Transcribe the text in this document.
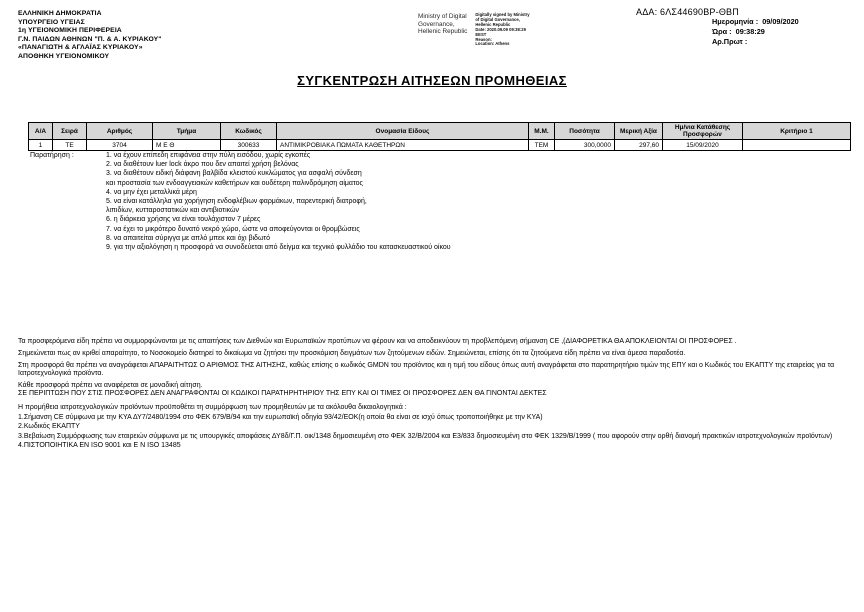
ΕΛΛΗΝΙΚΗ ΔΗΜΟΚΡΑΤΙΑ
ΥΠΟΥΡΓΕΙΟ ΥΓΕΙΑΣ
1η ΥΓΕΙΟΝΟΜΙΚΗ ΠΕΡΙΦΕΡΕΙΑ
Γ.Ν. ΠΑΙΔΩΝ ΑΘΗΝΩΝ "Π. & Α. ΚΥΡΙΑΚΟΥ"
«ΠΑΝΑΓΙΩΤΗ & ΑΓΛΑΪΑΣ ΚΥΡΙΑΚΟΥ»
ΑΠΟΘΗΚΗ ΥΓΕΙΟΝΟΜΙΚΟΥ
Ministry of Digital
Governance,
Hellenic Republic
Digitally signed by Ministry
of Digital Governance,
Hellenic Republic
Date: 2020.09.09 09:38:29
EEST
Reason:
Location: Athens
ΑΔΑ: 6ΛΣ44690ΒΡ-ΘΒΠ
Ημερομηνία : 09/09/2020
Ώρα : 09:38:29
Αρ.Πρωτ :
ΣΥΓΚΕΝΤΡΩΣΗ ΑΙΤΗΣΕΩΝ ΠΡΟΜΗΘΕΙΑΣ
Α/Α	Σειρά	Αριθμός	Τμήμα	Κωδικός	Ονομασία Είδους	Μ.Μ.	Ποσότητα	Μερική Αξία	Ημ/νια Κατάθεσης Προσφορών	Κριτήριο 1
1	ΤΕ	3704	Μ Ε Θ	300633	ΑΝΤΙΜΙΚΡΟΒΙΑΚΑ ΠΩΜΑΤΑ ΚΑΘΕΤΗΡΩΝ	ΤΕΜ	300,0000	297,60	15/09/2020	
Παρατήρηση :	1. να έχουν επίπεδη επιφάνεια στην πύλη εισόδου, χωρίς εγκοπές
2. να διαθέτουν luer lock άκρο που δεν απαιτεί χρήση βελόνας
3. να διαθέτουν ειδική διάφανη βαλβίδα κλειστού κυκλώματος για ασφαλή σύνδεση
και προστασία των ενδοαγγειακών καθετήρων και ουδέτερη παλινδρόμηση αίματος
4. να μην έχει μεταλλικά μέρη
5. να είναι κατάλληλα για χορήγηση ενδοφλέβιων φαρμάκων, παρεντερική διατροφή,
λιπιδίων, κυτταροστατικών και αντιβιοτικών
6. η διάρκεια χρήσης να είναι τουλάχιστον 7 μέρες
7. να έχει το μικρότερο δυνατό νεκρό χώρο, ώστε να αποφεύγονται οι θρομβώσεις
8. να απαιτείται σύριγγα με απλό μπεκ και όχι βιδωτό
9. για την αξιολόγηση η προσφορά να συνοδεύεται από δείγμα και τεχνικό φυλλάδιο του κατασκευαστικού οίκου
Τα προσφερόμενα είδη πρέπει να συμμορφώνονται με τις απαιτήσεις των Διεθνών και Ευρωπαϊκών προτύπων να φέρουν και να αποδεικνύουν τη προβλεπόμενη σήμανση CE ,(ΔΙΑΦΟΡΕΤΙΚΑ ΘΑ ΑΠΟΚΛΕΙΟΝΤΑΙ ΟΙ ΠΡΟΣΦΟΡΕΣ .
Σημειώνεται πως αν κριθεί απαραίτητο, το Νοσοκομείο διατηρεί το δικαίωμα να ζητήσει την προσκόμιση δειγμάτων των ζητούμενων ειδών. Σημειώνεται, επίσης ότι τα ζητούμενα είδη πρέπει να είναι άμεσα παραδοτέα.
Στη προσφορά θα πρέπει να αναγράφεται ΑΠΑΡΑΙΤΗΤΩΣ Ο ΑΡΙΘΜΟΣ ΤΗΣ ΑΙΤΗΣΗΣ, καθώς επίσης ο κωδικός GMDN του προϊόντος και η τιμή του είδους όπως αυτή αναγράφεται στο παρατηρητήριο τιμών της ΕΠΥ και ο Κωδικός του ΕΚΑΠΤΥ της εταιρείας για τα Ιατροτεχνολογικά προϊόντα.
Κάθε προσφορά πρέπει να αναφέρεται σε μοναδική αίτηση.
ΣΕ ΠΕΡΙΠΤΩΣΗ ΠΟΥ ΣΤΙΣ ΠΡΟΣΦΟΡΕΣ ΔΕΝ ΑΝΑΓΡΑΦΟΝΤΑΙ ΟΙ ΚΩΔΙΚΟΙ ΠΑΡΑΤΗΡΗΤΗΡΙΟΥ ΤΗΣ ΕΠΥ ΚΑΙ ΟΙ ΤΙΜΕΣ ΟΙ ΠΡΟΣΦΟΡΕΣ ΔΕΝ ΘΑ ΓΙΝΟΝΤΑΙ ΔΕΚΤΕΣ
Η προμήθεια ιατροτεχνολογικών προϊόντων προϋποθέτει τη συμμόρφωση των προμηθευτών με τα ακόλουθα δικαιολογητικά :
1.Σήμανση CE σύμφωνα με την ΚΥΑ ΔΥ7/2480/1994 στο ΦΕΚ 679/Β/94 και την ευρωπαϊκή οδηγία 93/42/ΕΟΚ(η οποία θα είναι σε ισχύ όπως τροποποιήθηκε με την ΚΥΑ)
2.Κωδικός ΕΚΑΠΤΥ
3.Βεβαίωση Συμμόρφωσης των εταιρειών σύμφωνα με τις υπουργικές αποφάσεις ΔΥ8δ/Γ.Π. οικ/1348 δημοσιευμένη στο ΦΕΚ 32/Β/2004 και Ε3/833 δημοσιευμένη στο ΦΕΚ 1329/Β/1999 ( που αφορούν στην ορθή διανομή πρακτικών ιατροτεχνολογικών προϊόντων)
4.ΠΙΣΤΟΠΟΙΗΤΙΚΑ ΕΝ ISO 9001 και Ε Ν ISO 13485
